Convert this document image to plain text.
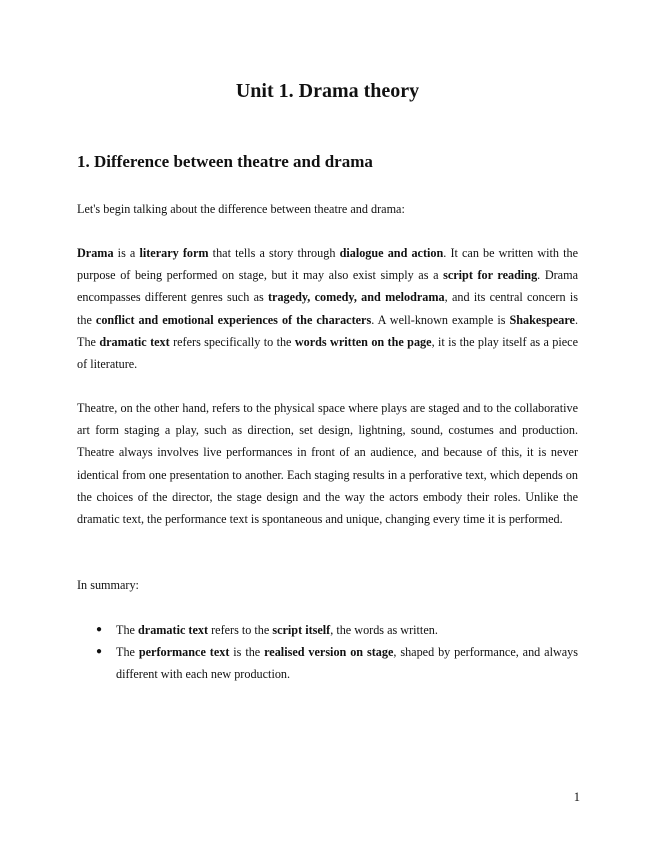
Unit 1. Drama theory
1. Difference between theatre and drama

Let's begin talking about the difference between theatre and drama:

Drama is a literary form that tells a story through dialogue and action. It can be written with the purpose of being performed on stage, but it may also exist simply as a script for reading. Drama encompasses different genres such as tragedy, comedy, and melodrama, and its central concern is the conflict and emotional experiences of the characters. A well-known example is Shakespeare. The dramatic text refers specifically to the words written on the page, it is the play itself as a piece of literature.

Theatre, on the other hand, refers to the physical space where plays are staged and to the collaborative art form staging a play, such as direction, set design, lightning, sound, costumes and production. Theatre always involves live performances in front of an audience, and because of this, it is never identical from one presentation to another. Each staging results in a perforative text, which depends on the choices of the director, the stage design and the way the actors embody their roles. Unlike the dramatic text, the performance text is spontaneous and unique, changing every time it is performed.

In summary:

● The dramatic text refers to the script itself, the words as written.
● The performance text is the realised version on stage, shaped by performance, and always different with each new production.
1
